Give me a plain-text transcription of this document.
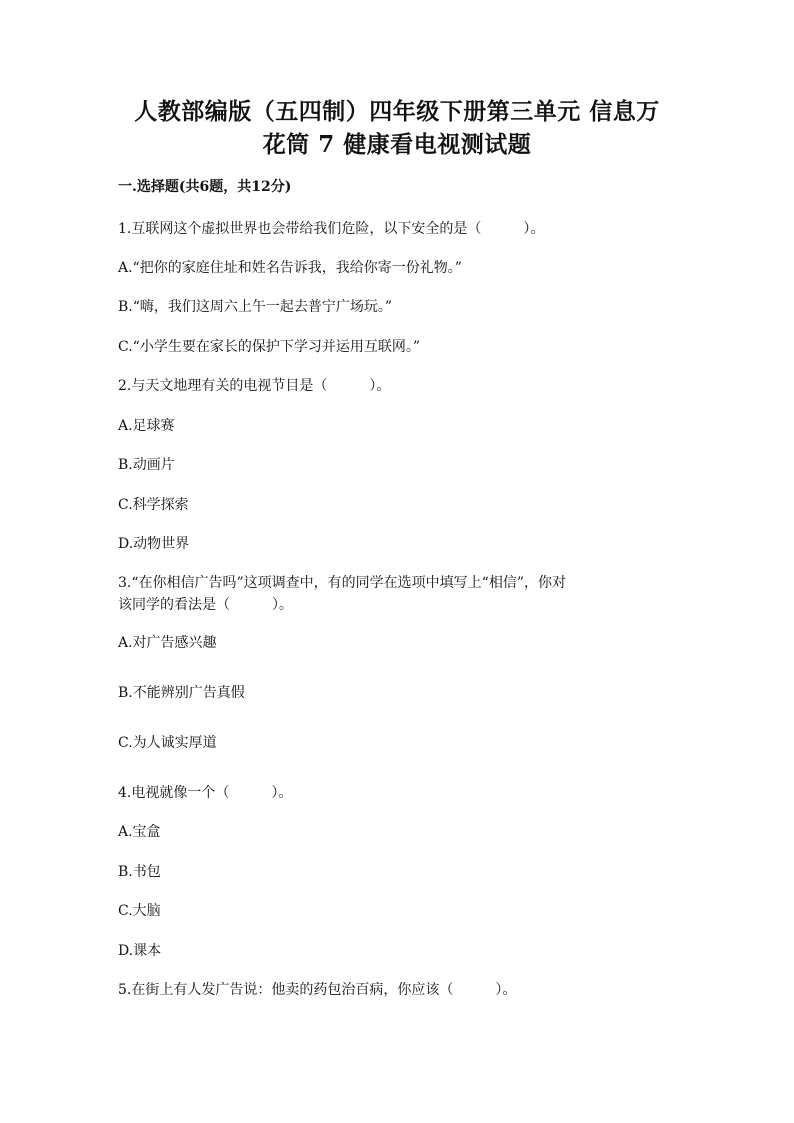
人教部编版（五四制）四年级下册第三单元 信息万
花筒 7 健康看电视测试题
一.选择题(共6题，共12分)
1.互联网这个虚拟世界也会带给我们危险，以下安全的是（　　　）。
A.“把你的家庭住址和姓名告诉我，我给你寄一份礼物。”
B.“嗨，我们这周六上午一起去普宁广场玩。”
C.“小学生要在家长的保护下学习并运用互联网。”
2.与天文地理有关的电视节目是（　　　）。
A.足球赛
B.动画片
C.科学探索
D.动物世界
3.“在你相信广告吗”这项调查中，有的同学在选项中填写上“相信”，你对
该同学的看法是（　　　）。
A.对广告感兴趣
B.不能辨别广告真假
C.为人诚实厚道
4.电视就像一个（　　　）。
A.宝盒
B.书包
C.大脑
D.课本
5.在街上有人发广告说：他卖的药包治百病，你应该（　　　）。
